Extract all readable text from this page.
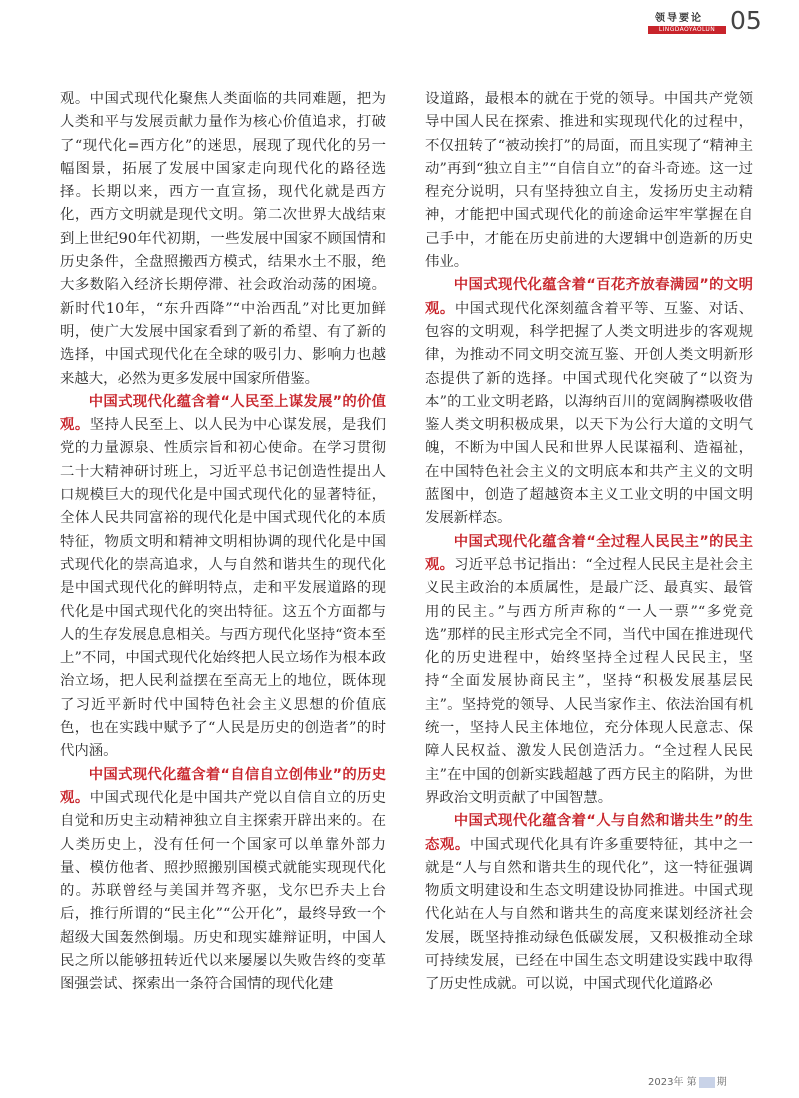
领导要论
LINGDAOYAOLUN 05

观。中国式现代化聚焦人类面临的共同难题，把为人类和平与发展贡献力量作为核心价值追求，打破了“现代化=西方化”的迷思，展现了现代化的另一幅图景，拓展了发展中国家走向现代化的路径选择。长期以来，西方一直宣扬，现代化就是西方化，西方文明就是现代文明。第二次世界大战结束到上世纪90年代初期，一些发展中国家不顾国情和历史条件，全盘照搬西方模式，结果水土不服，绝大多数陷入经济长期停滞、社会政治动荡的困境。新时代10年，“东升西降”“中治西乱”对比更加鲜明，使广大发展中国家看到了新的希望、有了新的选择，中国式现代化在全球的吸引力、影响力也越来越大，必然为更多发展中国家所借鉴。

中国式现代化蕴含着“人民至上谋发展”的价值观。坚持人民至上、以人民为中心谋发展，是我们党的力量源泉、性质宗旨和初心使命。在学习贯彻二十大精神研讨班上，习近平总书记创造性提出人口规模巨大的现代化是中国式现代化的显著特征，全体人民共同富裕的现代化是中国式现代化的本质特征，物质文明和精神文明相协调的现代化是中国式现代化的崇高追求，人与自然和谐共生的现代化是中国式现代化的鲜明特点，走和平发展道路的现代化是中国式现代化的突出特征。这五个方面都与人的生存发展息息相关。与西方现代化坚持“资本至上”不同，中国式现代化始终把人民立场作为根本政治立场，把人民利益摆在至高无上的地位，既体现了习近平新时代中国特色社会主义思想的价值底色，也在实践中赋予了“人民是历史的创造者”的时代内涵。

中国式现代化蕴含着“自信自立创伟业”的历史观。中国式现代化是中国共产党以自信自立的历史自觉和历史主动精神独立自主探索开辟出来的。在人类历史上，没有任何一个国家可以单靠外部力量、模仿他者、照抄照搬别国模式就能实现现代化的。苏联曾经与美国并驾齐驱，戈尔巴乔夫上台后，推行所谓的“民主化”“公开化”，最终导致一个超级大国轰然倒塌。历史和现实雄辩证明，中国人民之所以能够扭转近代以来屡屡以失败告终的变革图强尝试、探索出一条符合国情的现代化建

设道路，最根本的就在于党的领导。中国共产党领导中国人民在探索、推进和实现现代化的过程中，不仅扭转了“被动挨打”的局面，而且实现了“精神主动”再到“独立自主”“自信自立”的奋斗奇迹。这一过程充分说明，只有坚持独立自主，发扬历史主动精神，才能把中国式现代化的前途命运牢牢掌握在自己手中，才能在历史前进的大逻辑中创造新的历史伟业。

中国式现代化蕴含着“百花齐放春满园”的文明观。中国式现代化深刻蕴含着平等、互鉴、对话、包容的文明观，科学把握了人类文明进步的客观规律，为推动不同文明交流互鉴、开创人类文明新形态提供了新的选择。中国式现代化突破了“以资为本”的工业文明老路，以海纳百川的宽阔胸襟吸收借鉴人类文明积极成果，以天下为公行大道的文明气魄，不断为中国人民和世界人民谋福利、造福祉，在中国特色社会主义的文明底本和共产主义的文明蓝图中，创造了超越资本主义工业文明的中国文明发展新样态。

中国式现代化蕴含着“全过程人民民主”的民主观。习近平总书记指出：“全过程人民民主是社会主义民主政治的本质属性，是最广泛、最真实、最管用的民主。”与西方所声称的“一人一票”“多党竞选”那样的民主形式完全不同，当代中国在推进现代化的历史进程中，始终坚持全过程人民民主，坚持“全面发展协商民主”，坚持“积极发展基层民主”。坚持党的领导、人民当家作主、依法治国有机统一，坚持人民主体地位，充分体现人民意志、保障人民权益、激发人民创造活力。“全过程人民民主”在中国的创新实践超越了西方民主的陷阱，为世界政治文明贡献了中国智慧。

中国式现代化蕴含着“人与自然和谐共生”的生态观。中国式现代化具有许多重要特征，其中之一就是“人与自然和谐共生的现代化”，这一特征强调物质文明建设和生态文明建设协同推进。中国式现代化站在人与自然和谐共生的高度来谋划经济社会发展，既坚持推动绿色低碳发展，又积极推动全球可持续发展，已经在中国生态文明建设实践中取得了历史性成就。可以说，中国式现代化道路必

2023年 第 期
